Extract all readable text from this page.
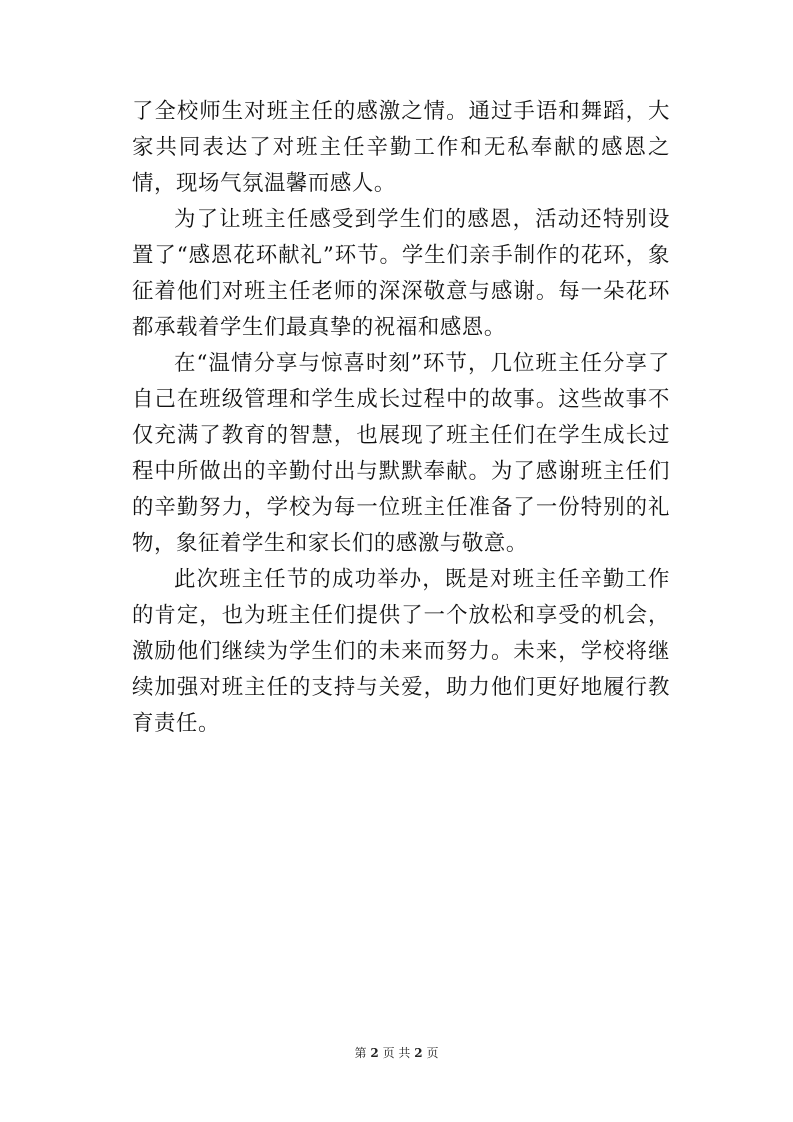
了全校师生对班主任的感激之情。通过手语和舞蹈，大家共同表达了对班主任辛勤工作和无私奉献的感恩之情，现场气氛温馨而感人。

为了让班主任感受到学生们的感恩，活动还特别设置了“感恩花环献礼”环节。学生们亲手制作的花环，象征着他们对班主任老师的深深敬意与感谢。每一朵花环都承载着学生们最真挚的祝福和感恩。

在“温情分享与惊喜时刻”环节，几位班主任分享了自己在班级管理和学生成长过程中的故事。这些故事不仅充满了教育的智慧，也展现了班主任们在学生成长过程中所做出的辛勤付出与默默奉献。为了感谢班主任们的辛勤努力，学校为每一位班主任准备了一份特别的礼物，象征着学生和家长们的感激与敬意。

此次班主任节的成功举办，既是对班主任辛勤工作的肯定，也为班主任们提供了一个放松和享受的机会，激励他们继续为学生们的未来而努力。未来，学校将继续加强对班主任的支持与关爱，助力他们更好地履行教育责任。

第 2 页 共 2 页
